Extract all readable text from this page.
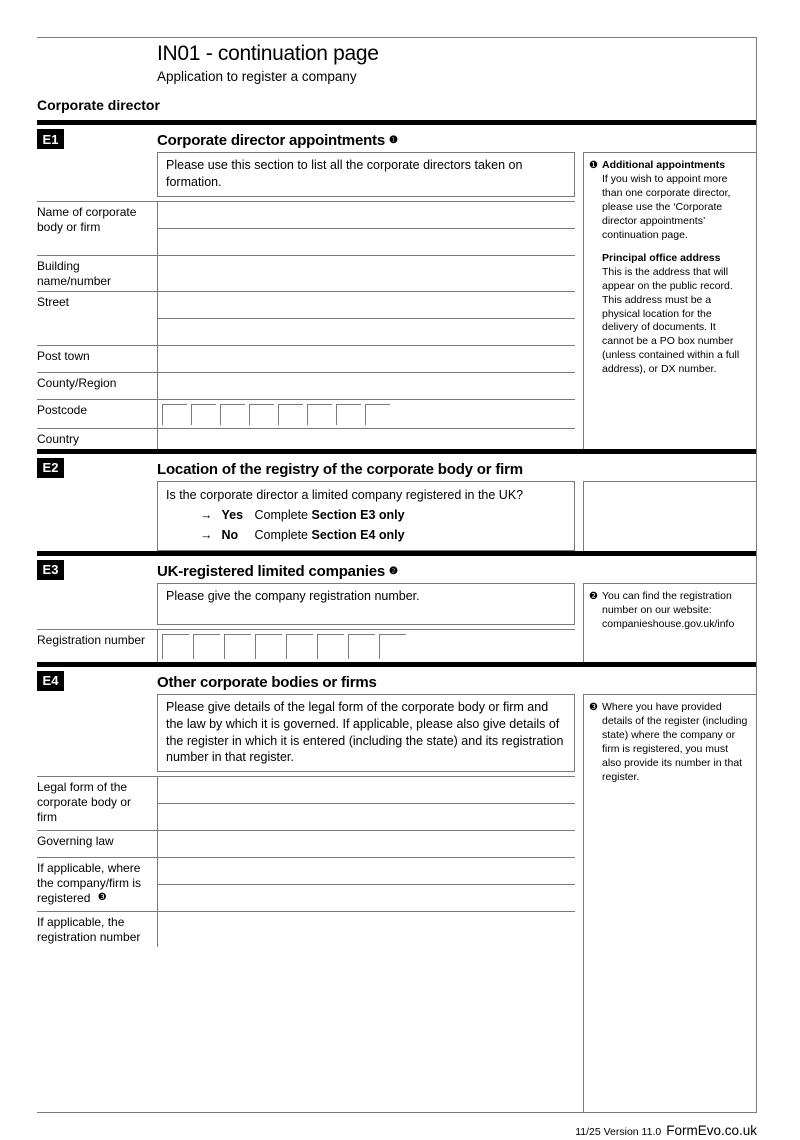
IN01 - continuation page
Application to register a company
Corporate director
E1	Corporate director appointments ❶
Please use this section to list all the corporate directors taken on formation.
Name of corporate body or firm
Building name/number
Street
Post town
County/Region
Postcode
Country
❶ Additional appointments

If you wish to appoint more than one corporate director, please use the ‘Corporate director appointments’ continuation page.

Principal office address

This is the address that will appear on the public record. This address must be a physical location for the delivery of documents. It cannot be a PO box number (unless contained within a full address), or DX number.

E2	Location of the registry of the corporate body or firm
Is the corporate director a limited company registered in the UK?
→ Yes Complete Section E3 only
→ No	Complete Section E4 only
E3	UK-registered limited companies ❷
Please give the company registration number.
Registration number
❷ You can find the registration number on our website: companieshouse.gov.uk/info

E4	Other corporate bodies or firms
Please give details of the legal form of the corporate body or firm and the law by which it is governed. If applicable, please also give details of the register in which it is entered (including the state) and its registration number in that register.
Legal form of the corporate body or firm
Governing law
If applicable, where the company/firm is registered ❸
If applicable, the registration number
❸ Where you have provided details of the register (including state) where the company or firm is registered, you must also provide its number in that register.

11/25 Version 11.0 FormEvo.co.uk
